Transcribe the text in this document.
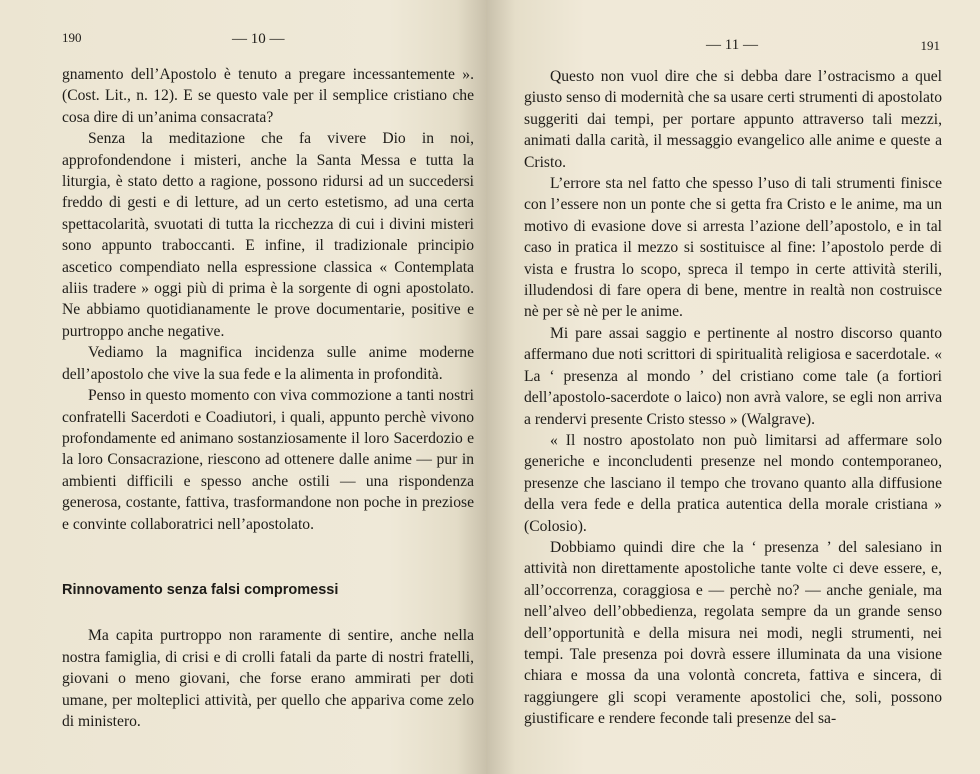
190	— 10 —

gnamento dell’Apostolo è tenuto a pregare incessantemente ». (Cost. Lit., n. 12). E se questo vale per il semplice cristiano che cosa dire di un’anima consacrata?

Senza la meditazione che fa vivere Dio in noi, approfondendone i misteri, anche la Santa Messa e tutta la liturgia, è stato detto a ragione, possono ridursi ad un succedersi freddo di gesti e di letture, ad un certo estetismo, ad una certa spettacolarità, svuotati di tutta la ricchezza di cui i divini misteri sono appunto traboccanti. E infine, il tradizionale principio ascetico compendiato nella espressione classica « Contemplata aliis tradere » oggi più di prima è la sorgente di ogni apostolato. Ne abbiamo quotidianamente le prove documentarie, positive e purtroppo anche negative.

Vediamo la magnifica incidenza sulle anime moderne dell’apostolo che vive la sua fede e la alimenta in profondità.

Penso in questo momento con viva commozione a tanti nostri confratelli Sacerdoti e Coadiutori, i quali, appunto perchè vivono profondamente ed animano sostanziosamente il loro Sacerdozio e la loro Consacrazione, riescono ad ottenere dalle anime — pur in ambienti difficili e spesso anche ostili — una rispondenza generosa, costante, fattiva, trasformandone non poche in preziose e convinte collaboratrici nell’apostolato.

Rinnovamento senza falsi compromessi

Ma capita purtroppo non raramente di sentire, anche nella nostra famiglia, di crisi e di crolli fatali da parte di nostri fratelli, giovani o meno giovani, che forse erano ammirati per doti umane, per molteplici attività, per quello che appariva come zelo di ministero.

— 11 —	191

Questo non vuol dire che si debba dare l’ostracismo a quel giusto senso di modernità che sa usare certi strumenti di apostolato suggeriti dai tempi, per portare appunto attraverso tali mezzi, animati dalla carità, il messaggio evangelico alle anime e queste a Cristo.

L’errore sta nel fatto che spesso l’uso di tali strumenti finisce con l’essere non un ponte che si getta fra Cristo e le anime, ma un motivo di evasione dove si arresta l’azione dell’apostolo, e in tal caso in pratica il mezzo si sostituisce al fine: l’apostolo perde di vista e frustra lo scopo, spreca il tempo in certe attività sterili, illudendosi di fare opera di bene, mentre in realtà non costruisce nè per sè nè per le anime.

Mi pare assai saggio e pertinente al nostro discorso quanto affermano due noti scrittori di spiritualità religiosa e sacerdotale. « La ‘ presenza al mondo ’ del cristiano come tale (a fortiori dell’apostolo-sacerdote o laico) non avrà valore, se egli non arriva a rendervi presente Cristo stesso » (Walgrave).

« Il nostro apostolato non può limitarsi ad affermare solo generiche e inconcludenti presenze nel mondo contemporaneo, presenze che lasciano il tempo che trovano quanto alla diffusione della vera fede e della pratica autentica della morale cristiana » (Colosio).

Dobbiamo quindi dire che la ‘ presenza ’ del salesiano in attività non direttamente apostoliche tante volte ci deve essere, e, all’occorrenza, coraggiosa e — perchè no? — anche geniale, ma nell’alveo dell’obbedienza, regolata sempre da un grande senso dell’opportunità e della misura nei modi, negli strumenti, nei tempi. Tale presenza poi dovrà essere illuminata da una visione chiara e mossa da una volontà concreta, fattiva e sincera, di raggiungere gli scopi veramente apostolici che, soli, possono giustificare e rendere feconde tali presenze del sa-
